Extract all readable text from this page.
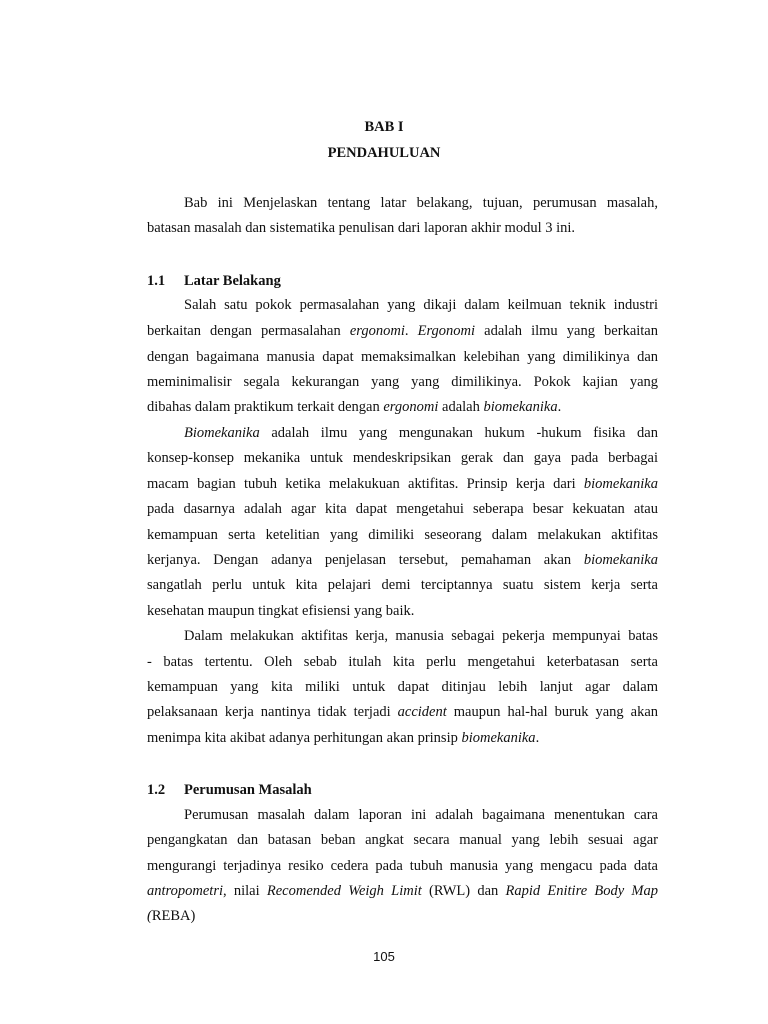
BAB I
PENDAHULUAN
Bab ini Menjelaskan tentang latar belakang, tujuan, perumusan masalah,
batasan masalah dan sistematika penulisan dari laporan akhir modul 3 ini.
1.1 Latar Belakang
Salah satu pokok permasalahan yang dikaji dalam keilmuan teknik industri
berkaitan dengan permasalahan ergonomi. Ergonomi adalah ilmu yang berkaitan
dengan bagaimana manusia dapat memaksimalkan kelebihan yang dimilikinya dan
meminimalisir segala kekurangan yang yang dimilikinya. Pokok kajian yang
dibahas dalam praktikum terkait dengan ergonomi adalah biomekanika.
Biomekanika adalah ilmu yang mengunakan hukum -hukum fisika dan
konsep-konsep mekanika untuk mendeskripsikan gerak dan gaya pada berbagai
macam bagian tubuh ketika melakukuan aktifitas. Prinsip kerja dari biomekanika
pada dasarnya adalah agar kita dapat mengetahui seberapa besar kekuatan atau
kemampuan serta ketelitian yang dimiliki seseorang dalam melakukan aktifitas
kerjanya. Dengan adanya penjelasan tersebut, pemahaman akan biomekanika
sangatlah perlu untuk kita pelajari demi terciptannya suatu sistem kerja serta
kesehatan maupun tingkat efisiensi yang baik.
Dalam melakukan aktifitas kerja, manusia sebagai pekerja mempunyai batas
- batas tertentu. Oleh sebab itulah kita perlu mengetahui keterbatasan serta
kemampuan yang kita miliki untuk dapat ditinjau lebih lanjut agar dalam
pelaksanaan kerja nantinya tidak terjadi accident maupun hal-hal buruk yang akan
menimpa kita akibat adanya perhitungan akan prinsip biomekanika.
1.2 Perumusan Masalah
Perumusan masalah dalam laporan ini adalah bagaimana menentukan cara
pengangkatan dan batasan beban angkat secara manual yang lebih sesuai agar
mengurangi terjadinya resiko cedera pada tubuh manusia yang mengacu pada data
antropometri, nilai Recomended Weigh Limit (RWL) dan Rapid Enitire Body Map
(REBA)
105
